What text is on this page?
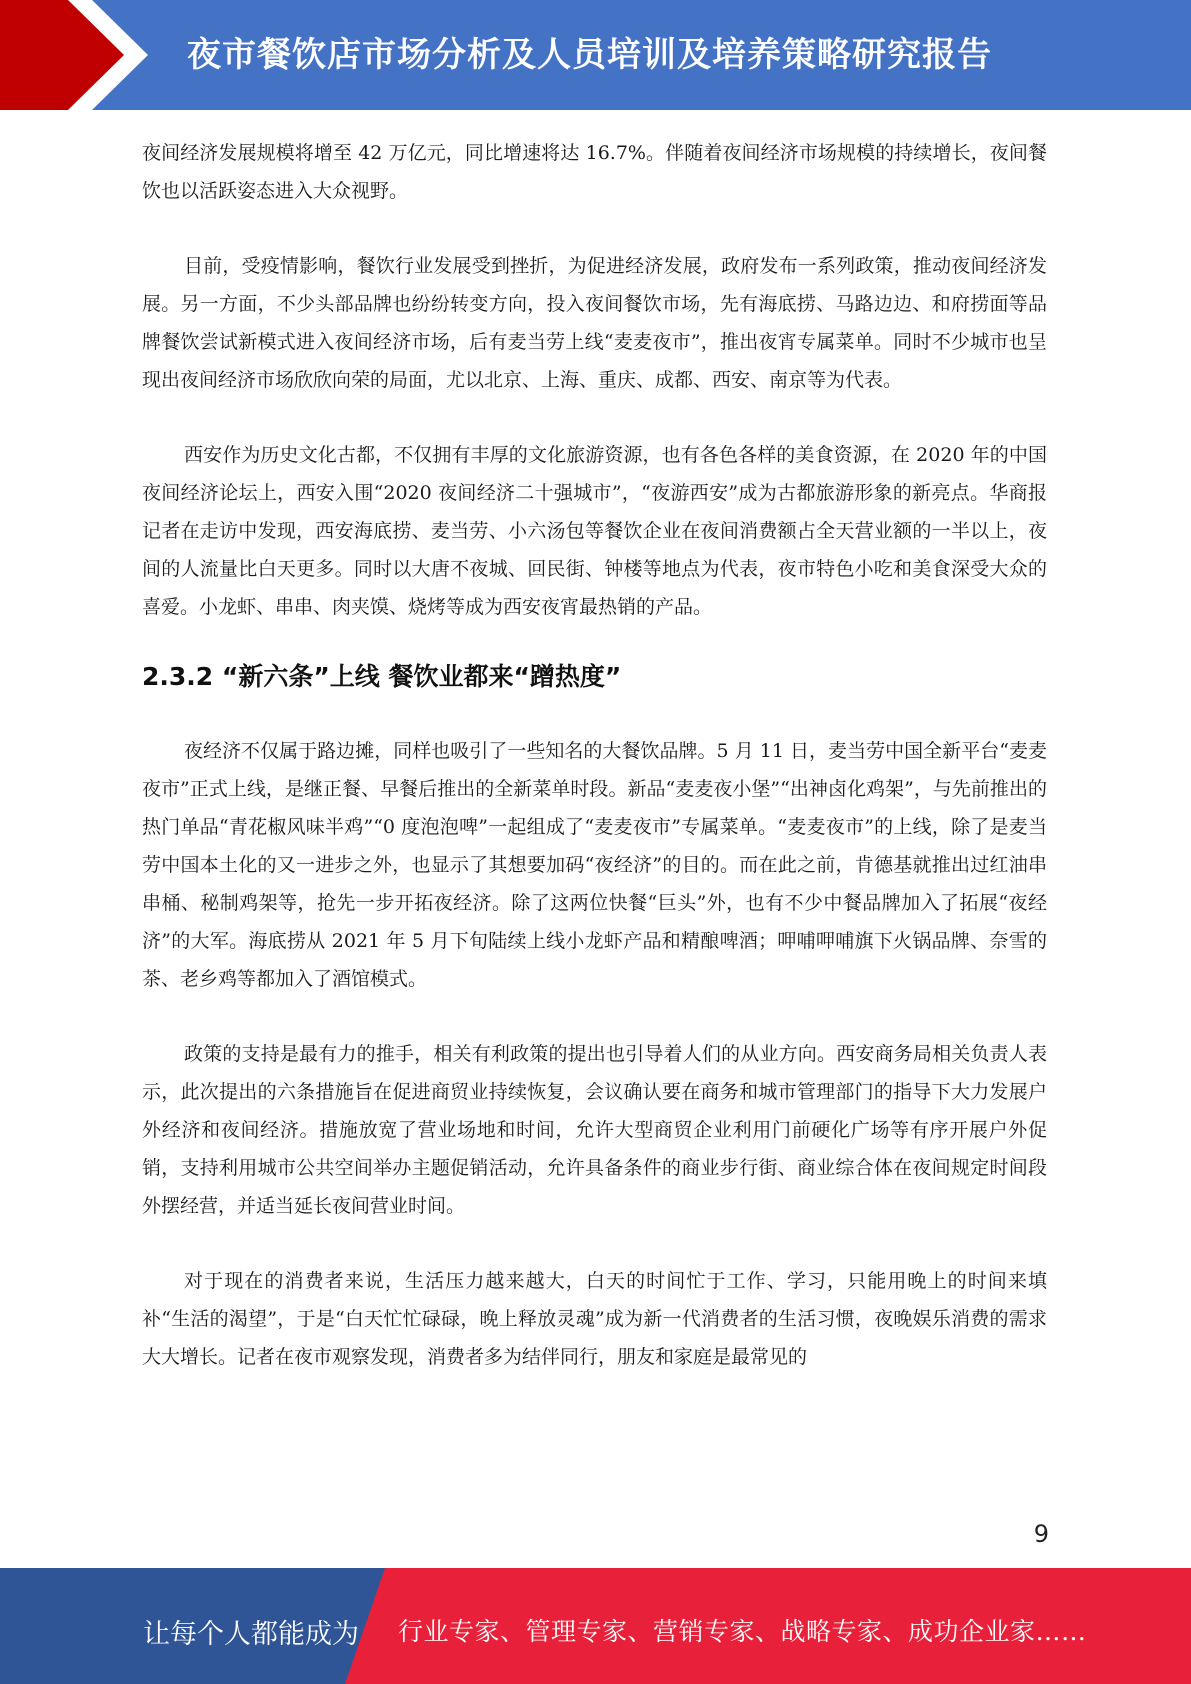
夜市餐饮店市场分析及人员培训及培养策略研究报告

夜间经济发展规模将增至 42 万亿元，同比增速将达 16.7%。伴随着夜间经济市场规模的持续增长，夜间餐饮也以活跃姿态进入大众视野。

目前，受疫情影响，餐饮行业发展受到挫折，为促进经济发展，政府发布一系列政策，推动夜间经济发展。另一方面，不少头部品牌也纷纷转变方向，投入夜间餐饮市场，先有海底捞、马路边边、和府捞面等品牌餐饮尝试新模式进入夜间经济市场，后有麦当劳上线“麦麦夜市”，推出夜宵专属菜单。同时不少城市也呈现出夜间经济市场欣欣向荣的局面，尤以北京、上海、重庆、成都、西安、南京等为代表。

西安作为历史文化古都，不仅拥有丰厚的文化旅游资源，也有各色各样的美食资源，在 2020 年的中国夜间经济论坛上，西安入围“2020 夜间经济二十强城市”，“夜游西安”成为古都旅游形象的新亮点。华商报记者在走访中发现，西安海底捞、麦当劳、小六汤包等餐饮企业在夜间消费额占全天营业额的一半以上，夜间的人流量比白天更多。同时以大唐不夜城、回民街、钟楼等地点为代表，夜市特色小吃和美食深受大众的喜爱。小龙虾、串串、肉夹馍、烧烤等成为西安夜宵最热销的产品。

2.3.2 “新六条”上线 餐饮业都来“蹭热度”

夜经济不仅属于路边摊，同样也吸引了一些知名的大餐饮品牌。5 月 11 日，麦当劳中国全新平台“麦麦夜市”正式上线，是继正餐、早餐后推出的全新菜单时段。新品“麦麦夜小堡”“出神卤化鸡架”，与先前推出的热门单品“青花椒风味半鸡”“0 度泡泡啤”一起组成了“麦麦夜市”专属菜单。“麦麦夜市”的上线，除了是麦当劳中国本土化的又一进步之外，也显示了其想要加码“夜经济”的目的。而在此之前，肯德基就推出过红油串串桶、秘制鸡架等，抢先一步开拓夜经济。除了这两位快餐“巨头”外，也有不少中餐品牌加入了拓展“夜经济”的大军。海底捞从 2021 年 5 月下旬陆续上线小龙虾产品和精酿啤酒；呷哺呷哺旗下火锅品牌、奈雪的茶、老乡鸡等都加入了酒馆模式。

政策的支持是最有力的推手，相关有利政策的提出也引导着人们的从业方向。西安商务局相关负责人表示，此次提出的六条措施旨在促进商贸业持续恢复，会议确认要在商务和城市管理部门的指导下大力发展户外经济和夜间经济。措施放宽了营业场地和时间，允许大型商贸企业利用门前硬化广场等有序开展户外促销，支持利用城市公共空间举办主题促销活动，允许具备条件的商业步行街、商业综合体在夜间规定时间段外摆经营，并适当延长夜间营业时间。

对于现在的消费者来说，生活压力越来越大，白天的时间忙于工作、学习，只能用晚上的时间来填补“生活的渴望”，于是“白天忙忙碌碌，晚上释放灵魂”成为新一代消费者的生活习惯，夜晚娱乐消费的需求大大增长。记者在夜市观察发现，消费者多为结伴同行，朋友和家庭是最常见的

9
让每个人都能成为 行业专家、管理专家、营销专家、战略专家、成功企业家……
